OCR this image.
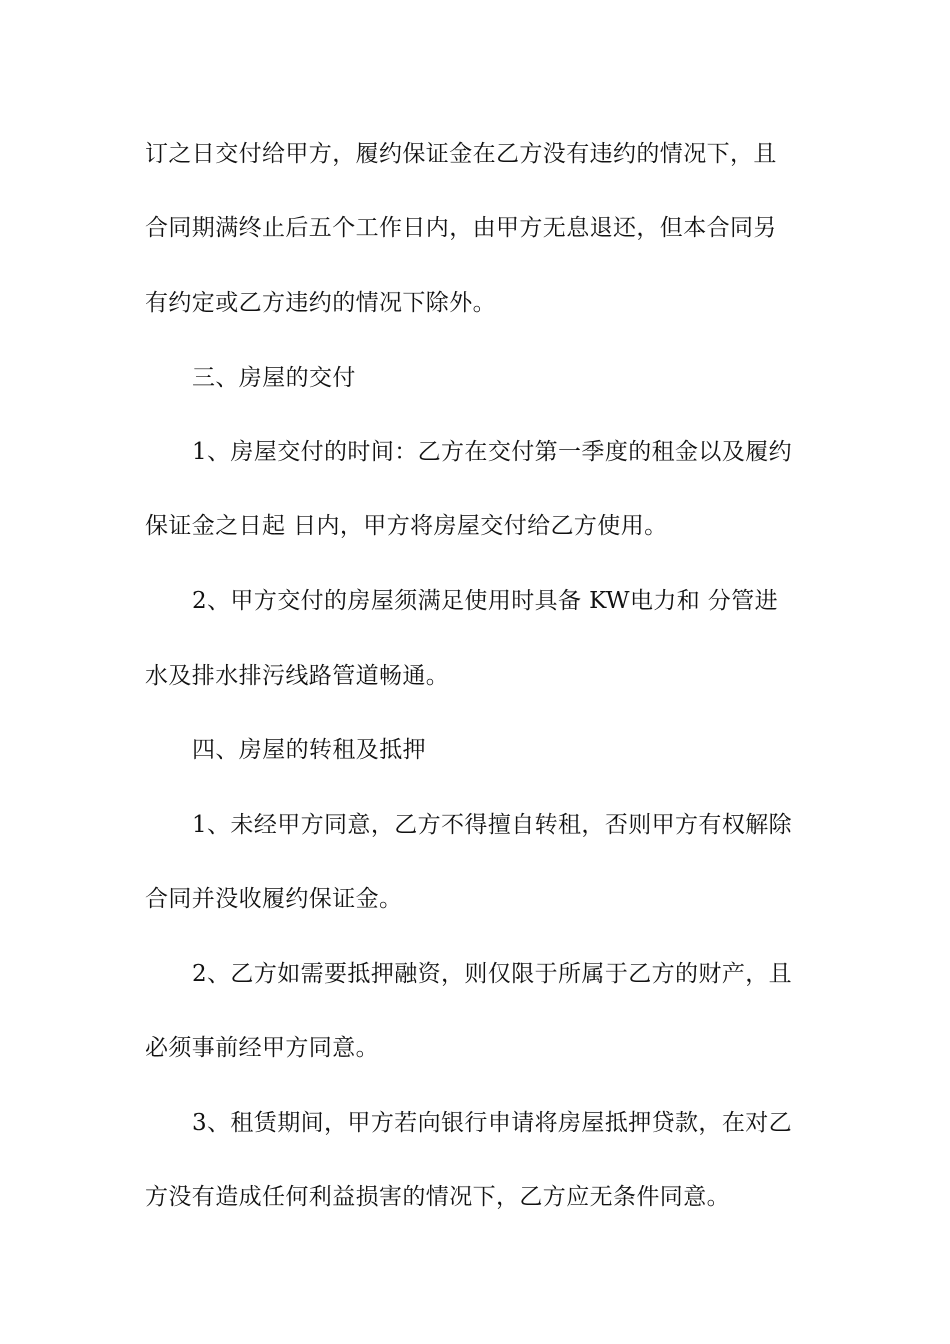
订之日交付给甲方，履约保证金在乙方没有违约的情况下，且
合同期满终止后五个工作日内，由甲方无息退还，但本合同另
有约定或乙方违约的情况下除外。
三、房屋的交付
1、房屋交付的时间：乙方在交付第一季度的租金以及履约
保证金之日起 日内，甲方将房屋交付给乙方使用。
2、甲方交付的房屋须满足使用时具备 KW电力和 分管进
水及排水排污线路管道畅通。
四、房屋的转租及抵押
1、未经甲方同意，乙方不得擅自转租，否则甲方有权解除
合同并没收履约保证金。
2、乙方如需要抵押融资，则仅限于所属于乙方的财产，且
必须事前经甲方同意。
3、租赁期间，甲方若向银行申请将房屋抵押贷款，在对乙
方没有造成任何利益损害的情况下，乙方应无条件同意。
